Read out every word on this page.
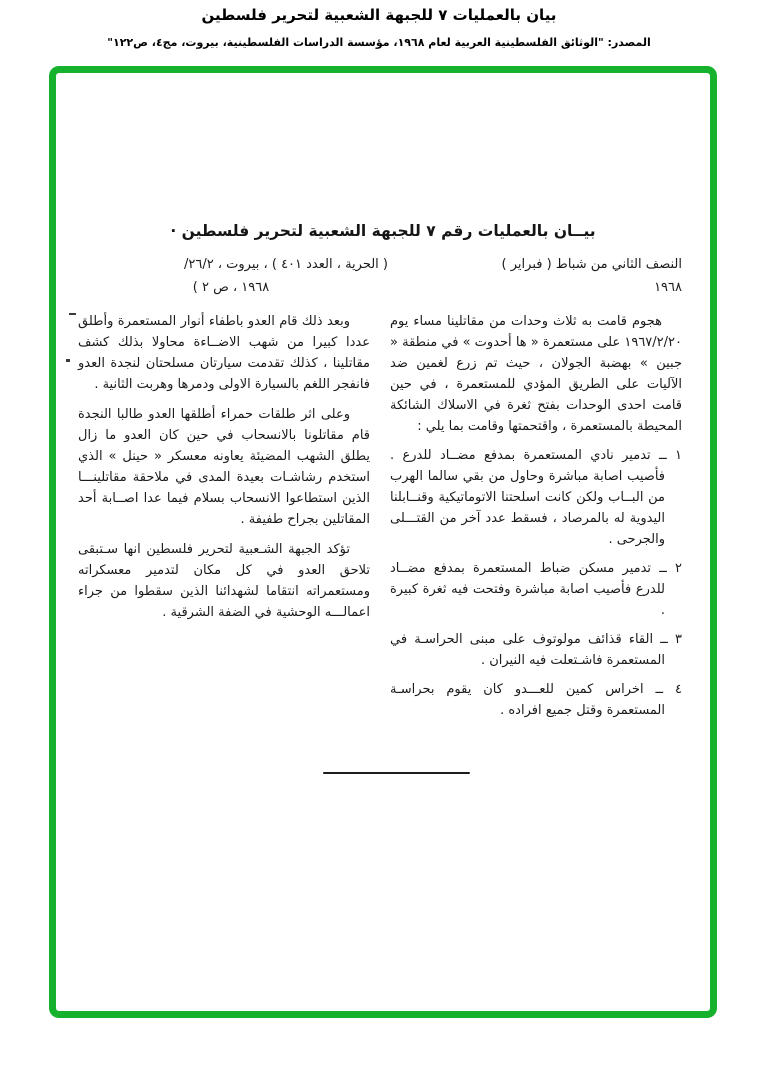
بيان بالعمليات ٧ للجبهة الشعبية لتحرير فلسطين
المصدر: "الوثائق الفلسطينية العربية لعام ١٩٦٨، مؤسسة الدراسات الفلسطينية، بيروت، مج٤، ص١٢٢"
بيــان بالعمليات رقم ٧ للجبهة الشعبية لتحرير فلسطين ·
النصف الثاني من شباط ( فبراير )
١٩٦٨
( الحرية ، العدد ٤٠١ ) ، بيروت ، ٢٦/٢/
١٩٦٨ ، ص ٢ )

هجوم قامت به ثلاث وحدات من مقاتلينا مساء يوم ١٩٦٧/٢/٢٠ على مستعمرة « ها أحدوت » في منطقة « جبين » بهضبة الجولان ، حيث تم زرع لغمين ضد الآليات على الطريق المؤدي للمستعمرة ، في حين قامت احدى الوحدات بفتح ثغرة في الاسلاك الشائكة المحيطة بالمستعمرة ، واقتحمتها وقامت بما يلي :

١ ــ تدمير نادي المستعمرة بمدفع مضــاد للدرع . فأصيب اصابة مباشرة وحاول من بقي سالما الهرب من البــاب ولكن كانت اسلحتنا الاتوماتيكية وقنــابلنا اليدوية له بالمرصاد ، فسقط عدد آخر من القتـــلى والجرحى .

٢ ــ تدمير مسكن ضباط المستعمرة بمدفع مضــاد للدرع فأصيب اصابة مباشرة وفتحت فيه ثغرة كبيرة .

٣ ــ القاء قذائف مولوتوف على مبنى الحراسـة في المستعمرة فاشـتعلت فيه النيران .

٤ ــ اخراس كمين للعـــدو كان يقوم بحراسـة المستعمرة وقتل جميع افراده .

وبعد ذلك قام العدو باطفاء أنوار المستعمرة وأطلق عددا كبيرا من شهب الاضــاءة محاولا بذلك كشف مقاتلينا ، كذلك تقدمت سيارتان مسلحتان لنجدة العدو فانفجر اللغم بالسيارة الاولى ودمرها وهربت الثانية .

وعلى اثر طلقات حمراء أطلقها العدو طالبا النجدة قام مقاتلونا بالانسحاب في حين كان العدو ما زال يطلق الشهب المضيئة يعاونه معسكر « حينل » الذي استخدم رشاشـات بعيدة المدى في ملاحقة مقاتلينـــا الذين استطاعوا الانسحاب بسلام فيما عدا اصــابة أحد المقاتلين بجراح طفيفة .

تؤكد الجبهة الشـعبية لتحرير فلسطين انها سـتبقى تلاحق العدو في كل مكان لتدمير معسكراته ومستعمراته انتقاما لشهدائنا الذين سقطوا من جراء اعمالـــه الوحشية في الضفة الشرقية .
